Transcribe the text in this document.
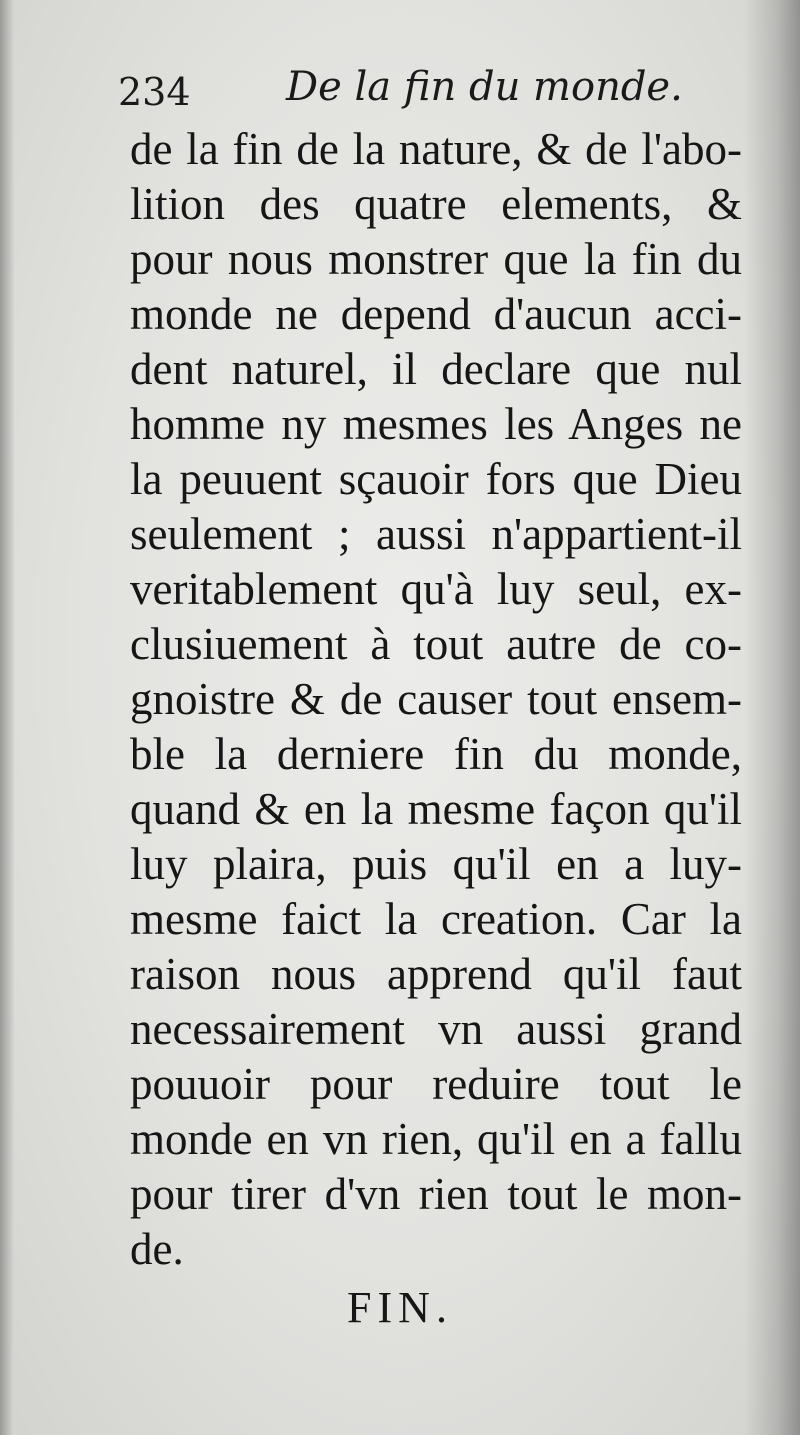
234 De la fin du monde.
de la fin de la nature, & de l'abo-
lition des quatre elements, &
pour nous monstrer que la fin du
monde ne depend d'aucun acci-
dent naturel, il declare que nul
homme ny mesmes les Anges ne
la peuuent sçauoir fors que Dieu
seulement ; aussi n'appartient-il
veritablement qu'à luy seul, ex-
clusiuement à tout autre de co-
gnoistre & de causer tout ensem-
ble la derniere fin du monde,
quand & en la mesme façon qu'il
luy plaira, puis qu'il en a luy-
mesme faict la creation. Car la
raison nous apprend qu'il faut
necessairement vn aussi grand
pouuoir pour reduire tout le
monde en vn rien, qu'il en a fallu
pour tirer d'vn rien tout le mon-
de.
FIN.
